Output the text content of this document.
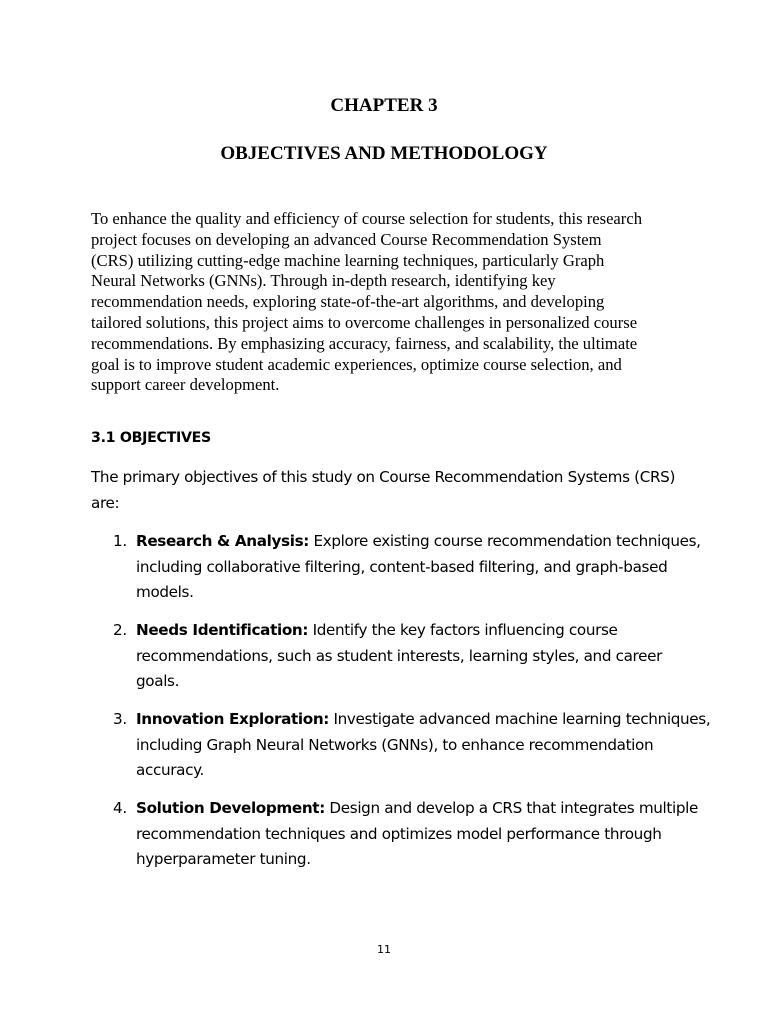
CHAPTER 3
OBJECTIVES AND METHODOLOGY
To enhance the quality and efficiency of course selection for students, this research
project focuses on developing an advanced Course Recommendation System
(CRS) utilizing cutting-edge machine learning techniques, particularly Graph
Neural Networks (GNNs). Through in-depth research, identifying key
recommendation needs, exploring state-of-the-art algorithms, and developing
tailored solutions, this project aims to overcome challenges in personalized course
recommendations. By emphasizing accuracy, fairness, and scalability, the ultimate
goal is to improve student academic experiences, optimize course selection, and
support career development.
3.1 OBJECTIVES
The primary objectives of this study on Course Recommendation Systems (CRS)
are:
1. Research & Analysis: Explore existing course recommendation techniques,
including collaborative filtering, content-based filtering, and graph-based
models.
2. Needs Identification: Identify the key factors influencing course
recommendations, such as student interests, learning styles, and career
goals.
3. Innovation Exploration: Investigate advanced machine learning techniques,
including Graph Neural Networks (GNNs), to enhance recommendation
accuracy.
4. Solution Development: Design and develop a CRS that integrates multiple
recommendation techniques and optimizes model performance through
hyperparameter tuning.
11
